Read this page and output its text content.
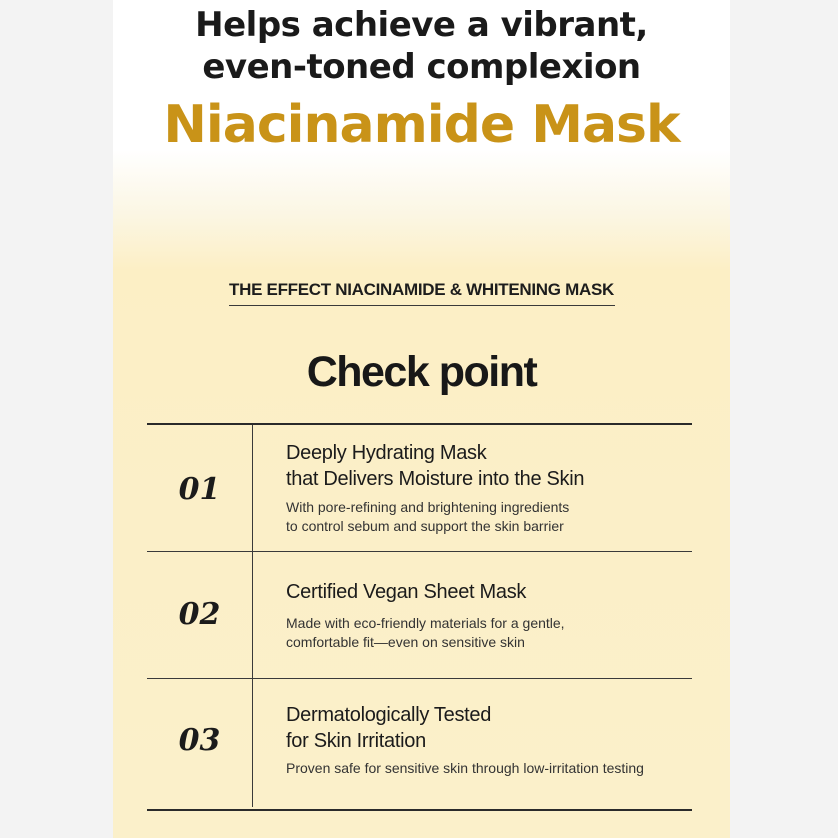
Helps achieve a vibrant,
even-toned complexion
Niacinamide Mask
THE EFFECT NIACINAMIDE & WHITENING MASK
Check point
01

Deeply Hydrating Mask
that Delivers Moisture into the Skin

With pore-refining and brightening ingredients
to control sebum and support the skin barrier

02

Certified Vegan Sheet Mask

Made with eco-friendly materials for a gentle,
comfortable fit—even on sensitive skin

03

Dermatologically Tested
for Skin Irritation

Proven safe for sensitive skin through low-irritation testing
